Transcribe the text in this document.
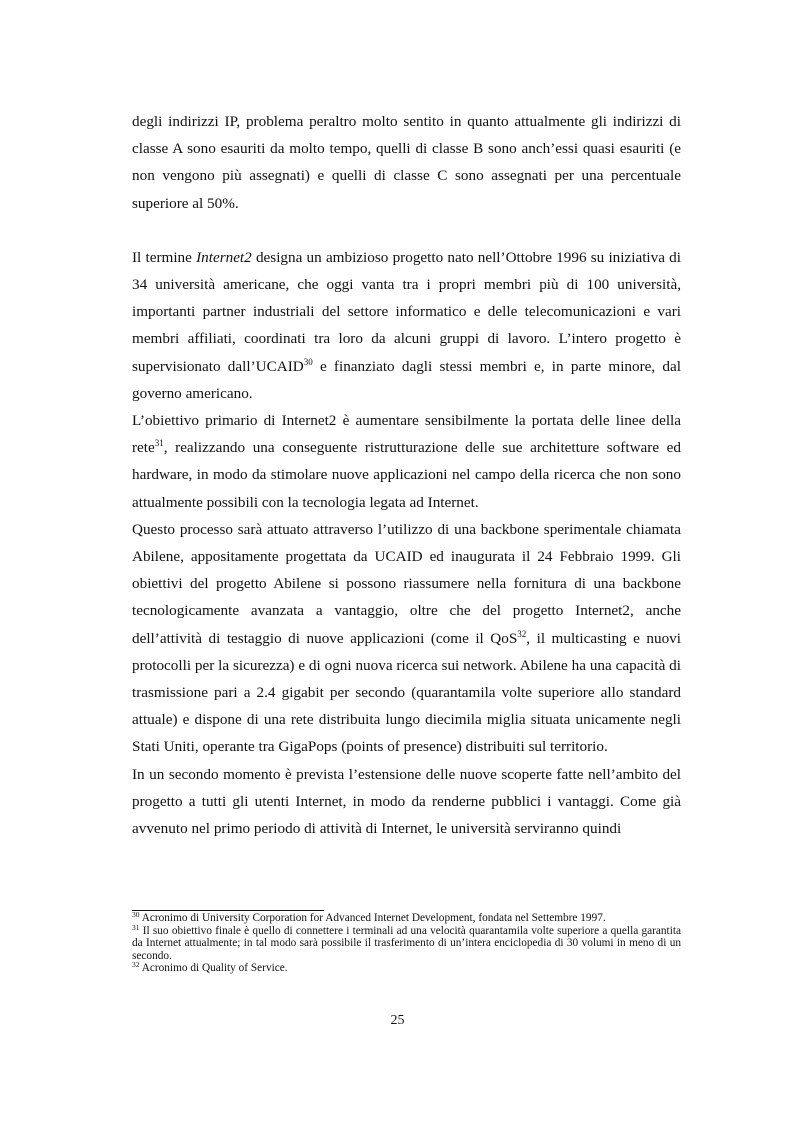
degli indirizzi IP, problema peraltro molto sentito in quanto attualmente gli indirizzi di classe A sono esauriti da molto tempo, quelli di classe B sono anch’essi quasi esauriti (e non vengono più assegnati) e quelli di classe C sono assegnati per una percentuale superiore al 50%.

Il termine Internet2 designa un ambizioso progetto nato nell’Ottobre 1996 su iniziativa di 34 università americane, che oggi vanta tra i propri membri più di 100 università, importanti partner industriali del settore informatico e delle telecomunicazioni e vari membri affiliati, coordinati tra loro da alcuni gruppi di lavoro. L’intero progetto è supervisionato dall’UCAID$^{30}$ e finanziato dagli stessi membri e, in parte minore, dal governo americano.

L’obiettivo primario di Internet2 è aumentare sensibilmente la portata delle linee della rete$^{31}$, realizzando una conseguente ristrutturazione delle sue architetture software ed hardware, in modo da stimolare nuove applicazioni nel campo della ricerca che non sono attualmente possibili con la tecnologia legata ad Internet.

Questo processo sarà attuato attraverso l’utilizzo di una backbone sperimentale chiamata Abilene, appositamente progettata da UCAID ed inaugurata il 24 Febbraio 1999. Gli obiettivi del progetto Abilene si possono riassumere nella fornitura di una backbone tecnologicamente avanzata a vantaggio, oltre che del progetto Internet2, anche dell’attività di testaggio di nuove applicazioni (come il QoS$^{32}$, il multicasting e nuovi protocolli per la sicurezza) e di ogni nuova ricerca sui network. Abilene ha una capacità di trasmissione pari a 2.4 gigabit per secondo (quarantamila volte superiore allo standard attuale) e dispone di una rete distribuita lungo diecimila miglia situata unicamente negli Stati Uniti, operante tra GigaPops (points of presence) distribuiti sul territorio.

In un secondo momento è prevista l’estensione delle nuove scoperte fatte nell’ambito del progetto a tutti gli utenti Internet, in modo da renderne pubblici i vantaggi. Come già avvenuto nel primo periodo di attività di Internet, le università serviranno quindi

$^{30}$ Acronimo di University Corporation for Advanced Internet Development, fondata nel Settembre 1997.

$^{31}$ Il suo obiettivo finale è quello di connettere i terminali ad una velocità quarantamila volte superiore a quella garantita da Internet attualmente; in tal modo sarà possibile il trasferimento di un’intera enciclopedia di 30 volumi in meno di un secondo.

$^{32}$ Acronimo di Quality of Service.

25
